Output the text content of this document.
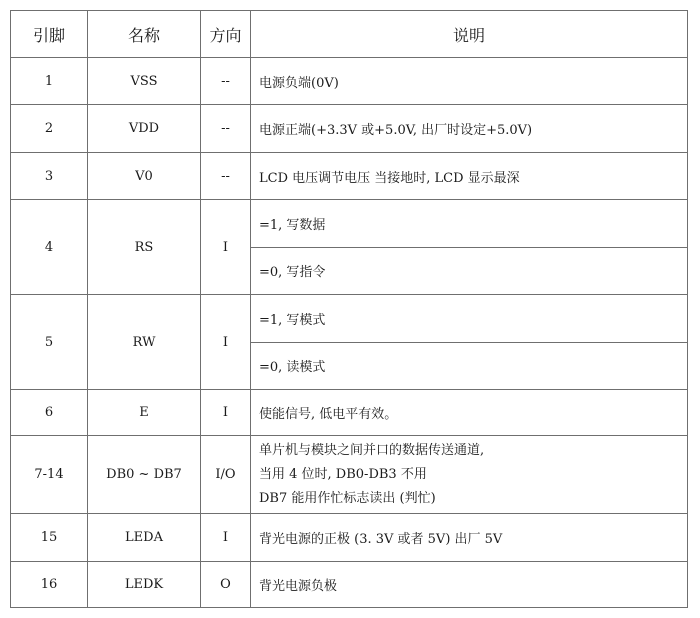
引脚	名称	方向	说明
1	VSS	--	电源负端(0V)
2	VDD	--	电源正端(+3.3V 或+5.0V, 出厂时设定+5.0V)
3	V0	--	LCD 电压调节电压 当接地时, LCD 显示最深
4	RS	I	=1, 写数据
=0, 写指令

5	RW	I	=1, 写模式
=0, 读模式

6	E	I	使能信号, 低电平有效。
7-14	DB0 ~ DB7	I/O	单片机与模块之间并口的数据传送通道,
当用 4 位时, DB0-DB3 不用
DB7 能用作忙标志读出 (判忙)

15	LEDA	I	背光电源的正极 (3. 3V 或者 5V) 出厂 5V
16	LEDK	O	背光电源负极
